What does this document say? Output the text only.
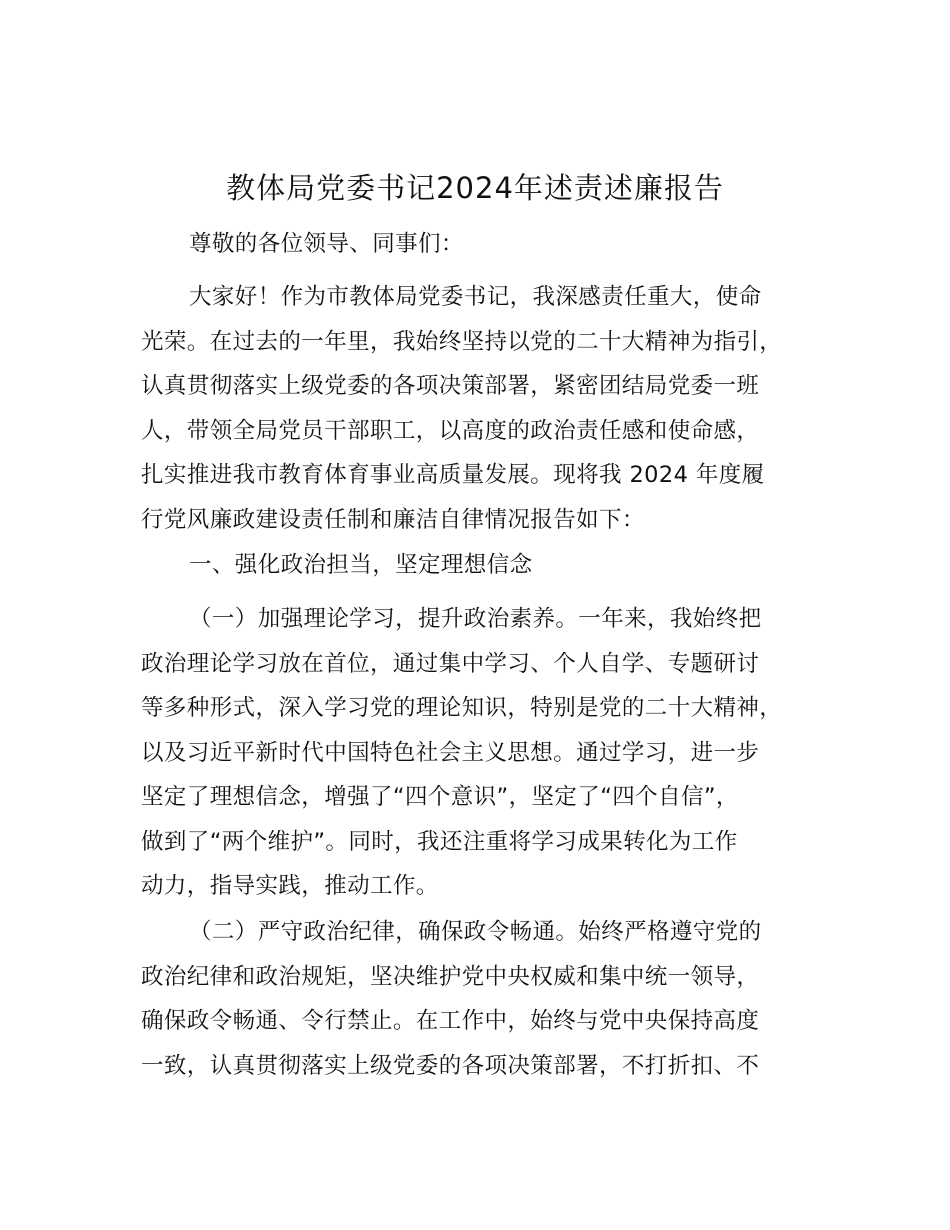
教体局党委书记2024年述责述廉报告
尊敬的各位领导、同事们：
大家好！作为市教体局党委书记，我深感责任重大，使命
光荣。在过去的一年里，我始终坚持以党的二十大精神为指引，
认真贯彻落实上级党委的各项决策部署，紧密团结局党委一班
人，带领全局党员干部职工，以高度的政治责任感和使命感，
扎实推进我市教育体育事业高质量发展。现将我 2024 年度履
行党风廉政建设责任制和廉洁自律情况报告如下：
一、强化政治担当，坚定理想信念
（一）加强理论学习，提升政治素养。一年来，我始终把
政治理论学习放在首位，通过集中学习、个人自学、专题研讨
等多种形式，深入学习党的理论知识，特别是党的二十大精神，
以及习近平新时代中国特色社会主义思想。通过学习，进一步
坚定了理想信念，增强了“四个意识”，坚定了“四个自信”，
做到了“两个维护”。同时，我还注重将学习成果转化为工作
动力，指导实践，推动工作。
（二）严守政治纪律，确保政令畅通。始终严格遵守党的
政治纪律和政治规矩，坚决维护党中央权威和集中统一领导，
确保政令畅通、令行禁止。在工作中，始终与党中央保持高度
一致，认真贯彻落实上级党委的各项决策部署，不打折扣、不
